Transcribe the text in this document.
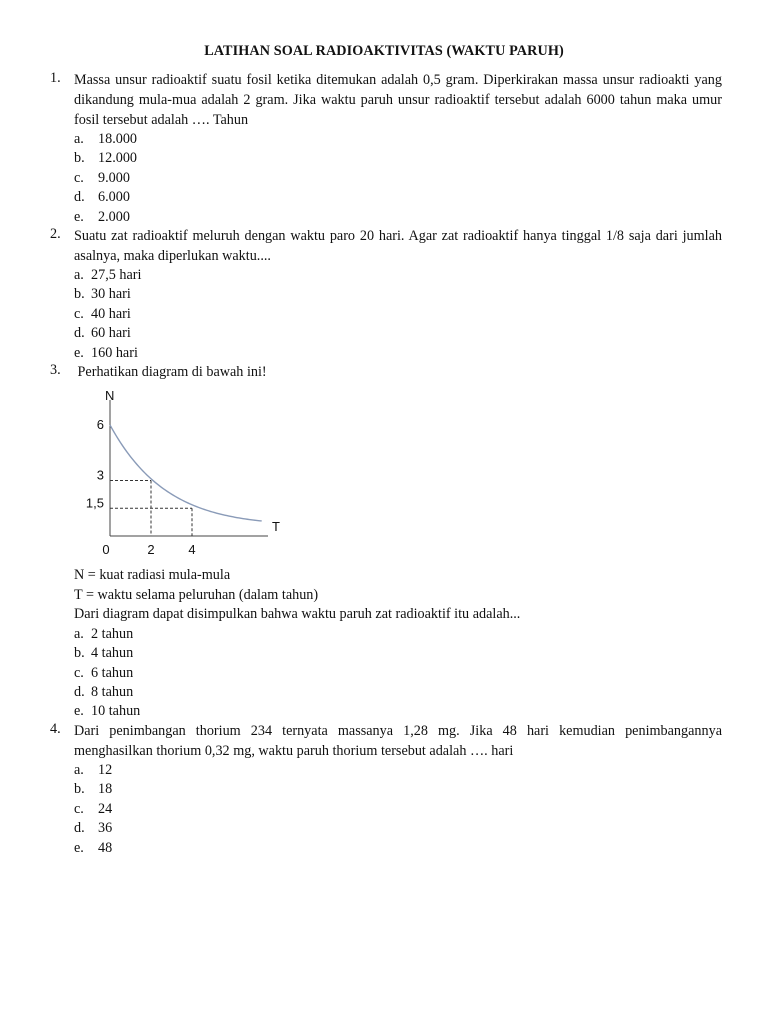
LATIHAN SOAL RADIOAKTIVITAS (WAKTU PARUH)
1. Massa unsur radioaktif suatu fosil ketika ditemukan adalah 0,5 gram. Diperkirakan massa unsur radioakti yang dikandung mula-mua adalah 2 gram. Jika waktu paruh unsur radioaktif tersebut adalah 6000 tahun maka umur fosil tersebut adalah …. Tahun
a. 18.000
b. 12.000
c. 9.000
d. 6.000
e. 2.000
2. Suatu zat radioaktif meluruh dengan waktu paro 20 hari. Agar zat radioaktif hanya tinggal 1/8 saja dari jumlah asalnya, maka diperlukan waktu....
a. 27,5 hari
b. 30 hari
c. 40 hari
d. 60 hari
e. 160 hari
3. Perhatikan diagram di bawah ini!
N
T
6
3
1,5
0	2	4
N = kuat radiasi mula-mula
T = waktu selama peluruhan (dalam tahun)
Dari diagram dapat disimpulkan bahwa waktu paruh zat radioaktif itu adalah...
a. 2 tahun
b. 4 tahun
c. 6 tahun
d. 8 tahun
e. 10 tahun
4. Dari penimbangan thorium 234 ternyata massanya 1,28 mg. Jika 48 hari kemudian penimbangannya menghasilkan thorium 0,32 mg, waktu paruh thorium tersebut adalah …. hari
a. 12
b. 18
c. 24
d. 36
e. 48
